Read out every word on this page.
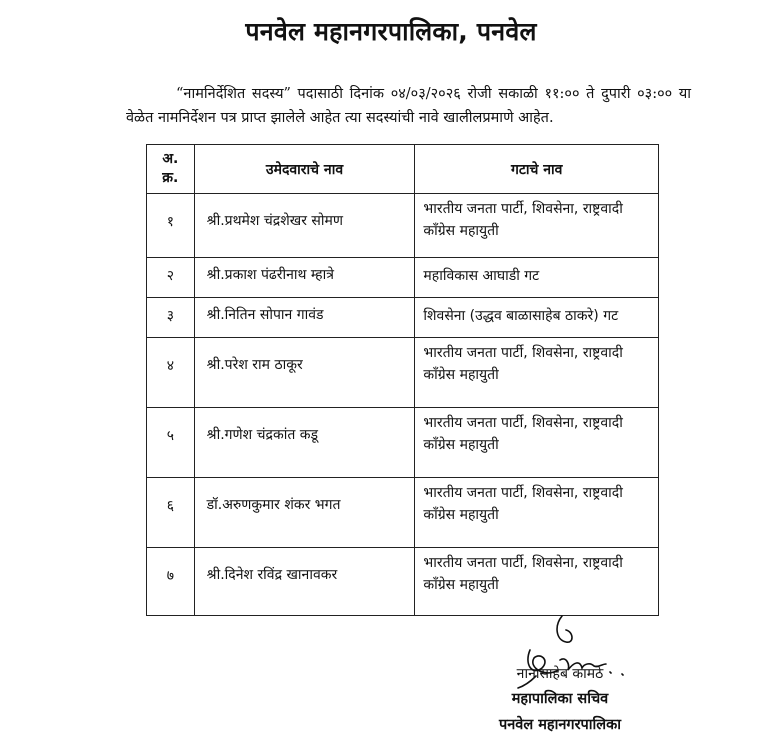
पनवेल महानगरपालिका, पनवेल
“नामनिर्देशित सदस्य” पदासाठी दिनांक ०४/०३/२०२६ रोजी सकाळी ११:०० ते दुपारी ०३:०० या वेळेत नामनिर्देशन पत्र प्राप्त झालेले आहेत त्या सदस्यांची नावे खालीलप्रमाणे आहेत.
अ.
क्र.	उमेदवाराचे नाव	गटाचे नाव
१	श्री.प्रथमेश चंद्रशेखर सोमण	भारतीय जनता पार्टी, शिवसेना, राष्ट्रवादी
काँग्रेस महायुती

२	श्री.प्रकाश पंढरीनाथ म्हात्रे	महाविकास आघाडी गट

३	श्री.नितिन सोपान गावंड	शिवसेना (उद्धव बाळासाहेब ठाकरे) गट

४	श्री.परेश राम ठाकूर	भारतीय जनता पार्टी, शिवसेना, राष्ट्रवादी
काँग्रेस महायुती

५	श्री.गणेश चंद्रकांत कडू	भारतीय जनता पार्टी, शिवसेना, राष्ट्रवादी
काँग्रेस महायुती

६	डॉ.अरुणकुमार शंकर भगत	भारतीय जनता पार्टी, शिवसेना, राष्ट्रवादी
काँग्रेस महायुती

७	श्री.दिनेश रविंद्र खानावकर	भारतीय जनता पार्टी, शिवसेना, राष्ट्रवादी
काँग्रेस महायुती
नानासाहेब कामठे
महापालिका सचिव
पनवेल महानगरपालिका
